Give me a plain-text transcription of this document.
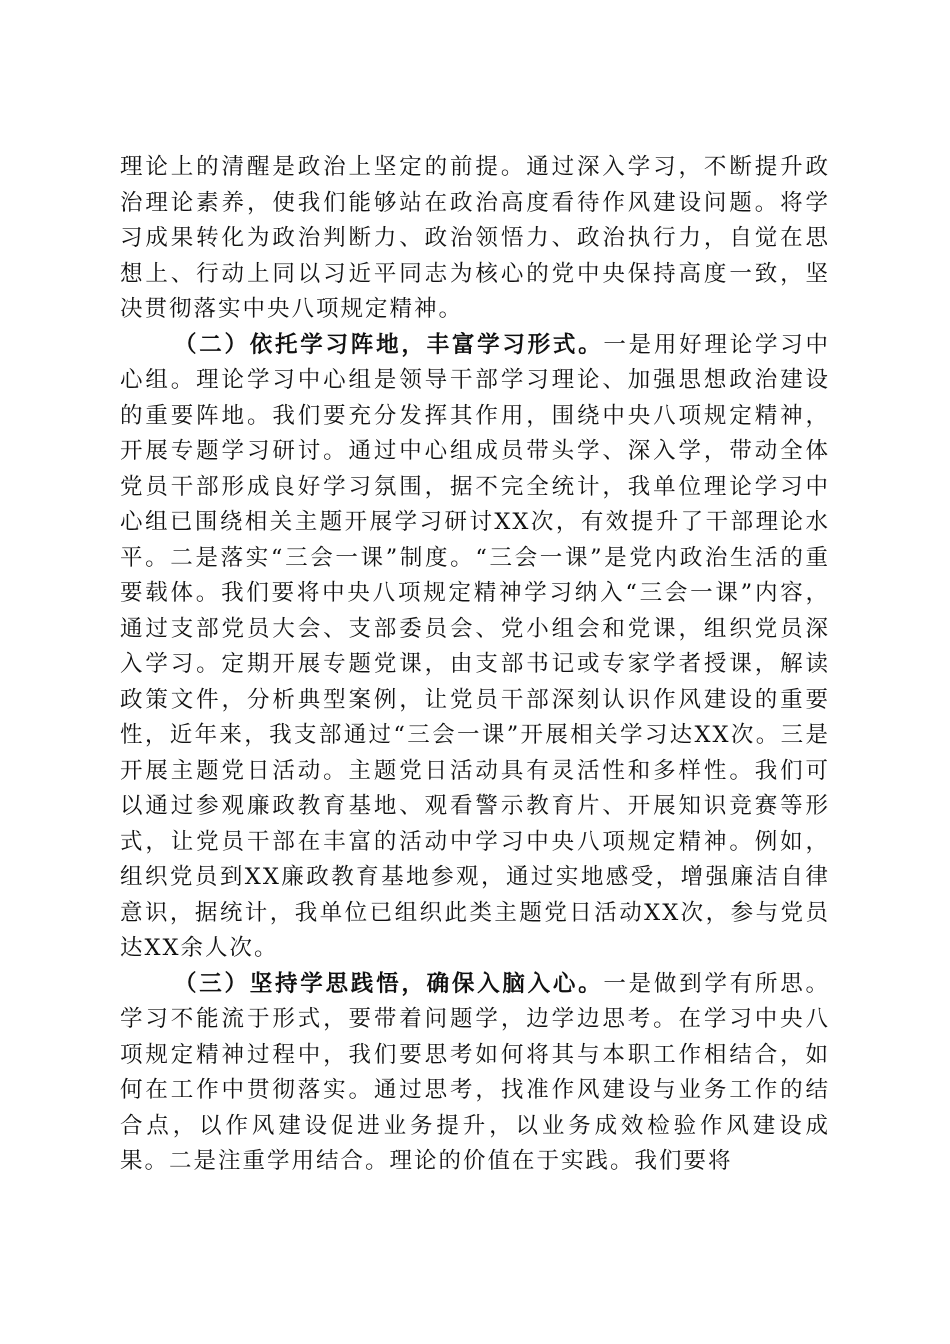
理论上的清醒是政治上坚定的前提。通过深入学习，不断提升政治理论素养，使我们能够站在政治高度看待作风建设问题。将学习成果转化为政治判断力、政治领悟力、政治执行力，自觉在思想上、行动上同以习近平同志为核心的党中央保持高度一致，坚决贯彻落实中央八项规定精神。

（二）依托学习阵地，丰富学习形式。一是用好理论学习中心组。理论学习中心组是领导干部学习理论、加强思想政治建设的重要阵地。我们要充分发挥其作用，围绕中央八项规定精神，开展专题学习研讨。通过中心组成员带头学、深入学，带动全体党员干部形成良好学习氛围，据不完全统计，我单位理论学习中心组已围绕相关主题开展学习研讨XX次，有效提升了干部理论水平。二是落实“三会一课”制度。“三会一课”是党内政治生活的重要载体。我们要将中央八项规定精神学习纳入“三会一课”内容，通过支部党员大会、支部委员会、党小组会和党课，组织党员深入学习。定期开展专题党课，由支部书记或专家学者授课，解读政策文件，分析典型案例，让党员干部深刻认识作风建设的重要性，近年来，我支部通过“三会一课”开展相关学习达XX次。三是开展主题党日活动。主题党日活动具有灵活性和多样性。我们可以通过参观廉政教育基地、观看警示教育片、开展知识竞赛等形式，让党员干部在丰富的活动中学习中央八项规定精神。例如，组织党员到XX廉政教育基地参观，通过实地感受，增强廉洁自律意识，据统计，我单位已组织此类主题党日活动XX次，参与党员达XX余人次。

（三）坚持学思践悟，确保入脑入心。一是做到学有所思。学习不能流于形式，要带着问题学，边学边思考。在学习中央八项规定精神过程中，我们要思考如何将其与本职工作相结合，如何在工作中贯彻落实。通过思考，找准作风建设与业务工作的结合点，以作风建设促进业务提升，以业务成效检验作风建设成果。二是注重学用结合。理论的价值在于实践。我们要将
